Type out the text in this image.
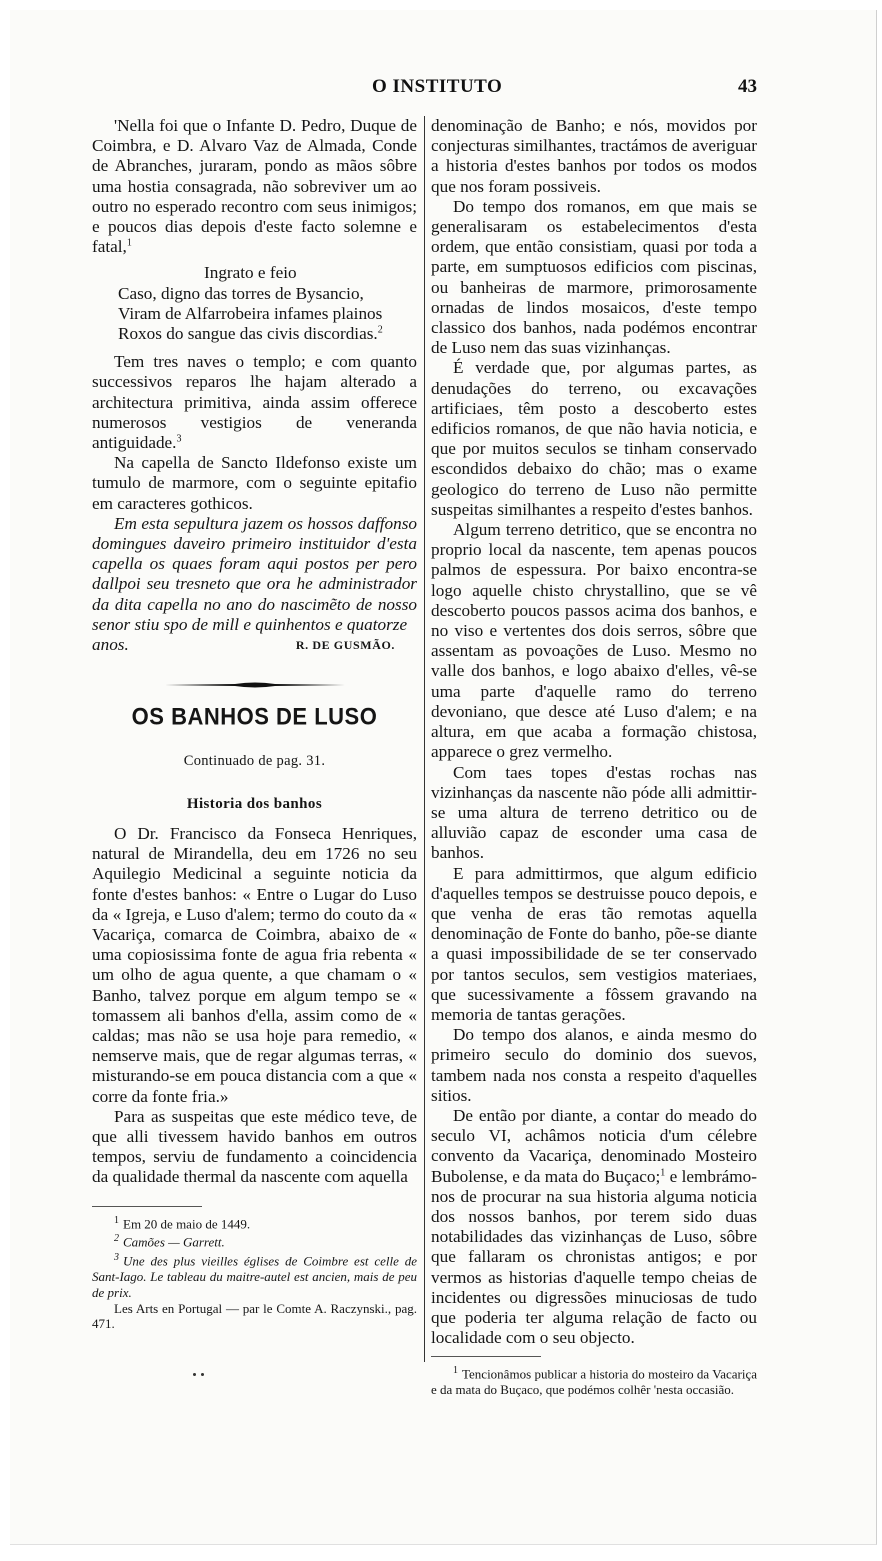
O INSTITUTO	43

'Nella foi que o Infante D. Pedro, Duque de Coimbra, e D. Alvaro Vaz de Almada, Conde de Abranches, juraram, pondo as mãos sôbre uma hostia consagrada, não sobreviver um ao outro no esperado recontro com seus inimigos; e poucos dias depois d'este facto solemne e fatal,$^1$

Ingrato e feio
Caso, digno das torres de Bysancio,
Viram de Alfarrobeira infames plainos
Roxos do sangue das civis discordias.$^2$

Tem tres naves o templo; e com quanto successivos reparos lhe hajam alterado a architectura primitiva, ainda assim offerece numerosos vestigios de veneranda antiguidade.$^3$

Na capella de Sancto Ildefonso existe um tumulo de marmore, com o seguinte epitafio em caracteres gothicos.

Em esta sepultura jazem os hossos daffonso domingues daveiro primeiro instituidor d'esta capella os quaes foram aqui postos per pero dallpoi seu tresneto que ora he administrador da dita capella no ano do nascimẽto de nosso senor stiu spo de mill e quinhentos e quatorze

anos.	R. DE GUSMÃO.
OS BANHOS DE LUSO
Continuado de pag. 31.
Historia dos banhos

O Dr. Francisco da Fonseca Henriques, natural de Mirandella, deu em 1726 no seu Aquilegio Medicinal a seguinte noticia da fonte d'estes banhos: « Entre o Lugar do Luso da « Igreja, e Luso d'alem; termo do couto da « Vacariça, comarca de Coimbra, abaixo de « uma copiosissima fonte de agua fria rebenta « um olho de agua quente, a que chamam o « Banho, talvez porque em algum tempo se « tomassem ali banhos d'ella, assim como de « caldas; mas não se usa hoje para remedio, « nemserve mais, que de regar algumas terras, « misturando-se em pouca distancia com a que « corre da fonte fria.»

Para as suspeitas que este médico teve, de que alli tivessem havido banhos em outros tempos, serviu de fundamento a coincidencia da qualidade thermal da nascente com aquella

$^1$ Em 20 de maio de 1449.
$^2$ Camões — Garrett.
$^3$ Une des plus vieilles églises de Coimbre est celle de Sant-Iago. Le tableau du maitre-autel est ancien, mais de peu de prix.
Les Arts en Portugal — par le Comte A. Raczynski., pag. 471.

denominação de Banho; e nós, movidos por conjecturas similhantes, tractámos de averiguar a historia d'estes banhos por todos os modos que nos foram possiveis.

Do tempo dos romanos, em que mais se generalisaram os estabelecimentos d'esta ordem, que então consistiam, quasi por toda a parte, em sumptuosos edificios com piscinas, ou banheiras de marmore, primorosamente ornadas de lindos mosaicos, d'este tempo classico dos banhos, nada podémos encontrar de Luso nem das suas vizinhanças.

É verdade que, por algumas partes, as denudações do terreno, ou excavações artificiaes, têm posto a descoberto estes edificios romanos, de que não havia noticia, e que por muitos seculos se tinham conservado escondidos debaixo do chão; mas o exame geologico do terreno de Luso não permitte suspeitas similhantes a respeito d'estes banhos.

Algum terreno detritico, que se encontra no proprio local da nascente, tem apenas poucos palmos de espessura. Por baixo encontra-se logo aquelle chisto chrystallino, que se vê descoberto poucos passos acima dos banhos, e no viso e vertentes dos dois serros, sôbre que assentam as povoações de Luso. Mesmo no valle dos banhos, e logo abaixo d'elles, vê-se uma parte d'aquelle ramo do terreno devoniano, que desce até Luso d'alem; e na altura, em que acaba a formação chistosa, apparece o grez vermelho.

Com taes topes d'estas rochas nas vizinhanças da nascente não póde alli admittir-se uma altura de terreno detritico ou de alluvião capaz de esconder uma casa de banhos.

E para admittirmos, que algum edificio d'aquelles tempos se destruisse pouco depois, e que venha de eras tão remotas aquella denominação de Fonte do banho, põe-se diante a quasi impossibilidade de se ter conservado por tantos seculos, sem vestigios materiaes, que sucessivamente a fôssem gravando na memoria de tantas gerações.

Do tempo dos alanos, e ainda mesmo do primeiro seculo do dominio dos suevos, tambem nada nos consta a respeito d'aquelles sitios.

De então por diante, a contar do meado do seculo VI, achâmos noticia d'um célebre convento da Vacariça, denominado Mosteiro Bubolense, e da mata do Buçaco;$^1$ e lembrámo-nos de procurar na sua historia alguma noticia dos nossos banhos, por terem sido duas notabilidades das vizinhanças de Luso, sôbre que fallaram os chronistas antigos; e por vermos as historias d'aquelle tempo cheias de incidentes ou digressões minuciosas de tudo que poderia ter alguma relação de facto ou localidade com o seu objecto.

$^1$ Tencionâmos publicar a historia do mosteiro da Vacariça e da mata do Buçaco, que podémos colhêr 'nesta occasião.
